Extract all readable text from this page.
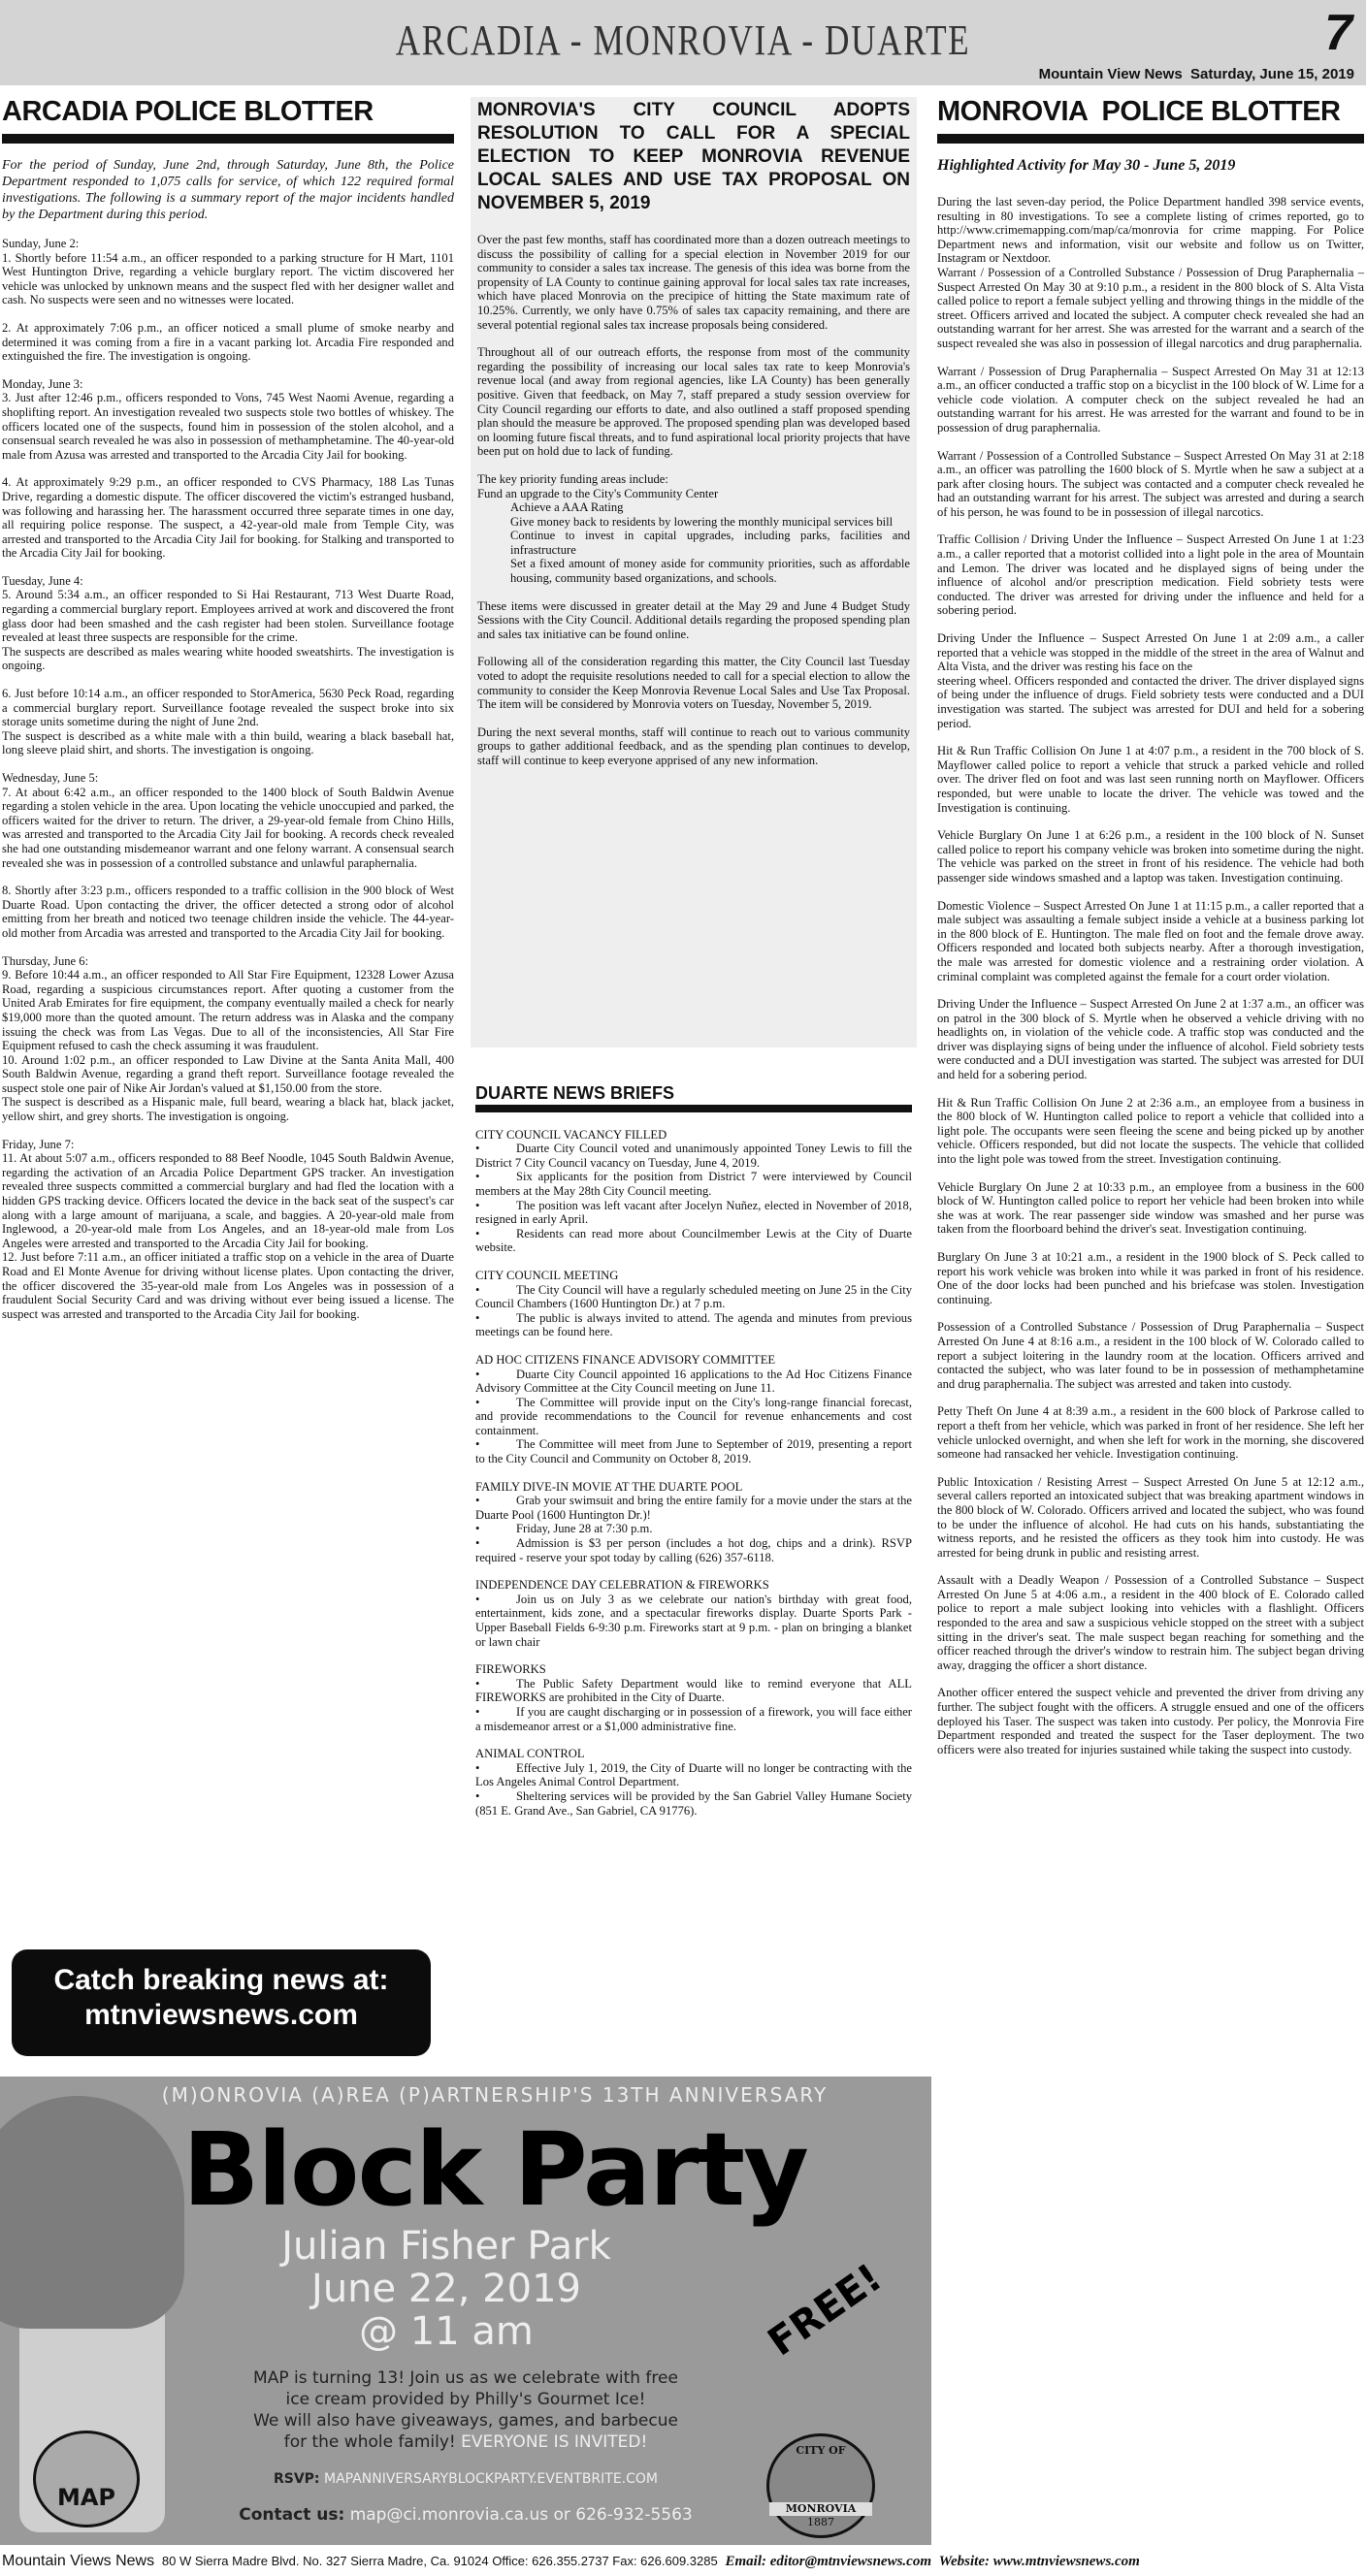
ARCADIA - MONROVIA - DUARTE	7
Mountain View News Saturday, June 15, 2019
ARCADIA POLICE BLOTTER

For the period of Sunday, June 2nd, through Saturday, June 8th, the Police Department responded to 1,075 calls for service, of which 122 required formal investigations. The following is a summary report of the major incidents handled by the Department during this period.

Sunday, June 2:
1. Shortly before 11:54 a.m., an officer responded to a parking structure for H Mart, 1101 West Huntington Drive, regarding a vehicle burglary report. The victim discovered her vehicle was unlocked by unknown means and the suspect fled with her designer wallet and cash. No suspects were seen and no witnesses were located.

2. At approximately 7:06 p.m., an officer noticed a small plume of smoke nearby and determined it was coming from a fire in a vacant parking lot. Arcadia Fire responded and extinguished the fire. The investigation is ongoing.

Monday, June 3:
3. Just after 12:46 p.m., officers responded to Vons, 745 West Naomi Avenue, regarding a shoplifting report. An investigation revealed two suspects stole two bottles of whiskey. The officers located one of the suspects, found him in possession of the stolen alcohol, and a consensual search revealed he was also in possession of methamphetamine. The 40-year-old male from Azusa was arrested and transported to the Arcadia City Jail for booking.

4. At approximately 9:29 p.m., an officer responded to CVS Pharmacy, 188 Las Tunas Drive, regarding a domestic dispute. The officer discovered the victim's estranged husband, was following and harassing her. The harassment occurred three separate times in one day, all requiring police response. The suspect, a 42-year-old male from Temple City, was arrested and transported to the Arcadia City Jail for booking. for Stalking and transported to the Arcadia City Jail for booking.

Tuesday, June 4:
5. Around 5:34 a.m., an officer responded to Si Hai Restaurant, 713 West Duarte Road, regarding a commercial burglary report. Employees arrived at work and discovered the front glass door had been smashed and the cash register had been stolen. Surveillance footage revealed at least three suspects are responsible for the crime.
The suspects are described as males wearing white hooded sweatshirts. The investigation is ongoing.

6. Just before 10:14 a.m., an officer responded to StorAmerica, 5630 Peck Road, regarding a commercial burglary report. Surveillance footage revealed the suspect broke into six storage units sometime during the night of June 2nd.
The suspect is described as a white male with a thin build, wearing a black baseball hat, long sleeve plaid shirt, and shorts. The investigation is ongoing.

Wednesday, June 5:
7. At about 6:42 a.m., an officer responded to the 1400 block of South Baldwin Avenue regarding a stolen vehicle in the area. Upon locating the vehicle unoccupied and parked, the officers waited for the driver to return. The driver, a 29-year-old female from Chino Hills, was arrested and transported to the Arcadia City Jail for booking. A records check revealed she had one outstanding misdemeanor warrant and one felony warrant. A consensual search revealed she was in possession of a controlled substance and unlawful paraphernalia.

8. Shortly after 3:23 p.m., officers responded to a traffic collision in the 900 block of West Duarte Road. Upon contacting the driver, the officer detected a strong odor of alcohol emitting from her breath and noticed two teenage children inside the vehicle. The 44-year-old mother from Arcadia was arrested and transported to the Arcadia City Jail for booking.

Thursday, June 6:
9. Before 10:44 a.m., an officer responded to All Star Fire Equipment, 12328 Lower Azusa Road, regarding a suspicious circumstances report. After quoting a customer from the United Arab Emirates for fire equipment, the company eventually mailed a check for nearly $19,000 more than the quoted amount. The return address was in Alaska and the company issuing the check was from Las Vegas. Due to all of the inconsistencies, All Star Fire Equipment refused to cash the check assuming it was fraudulent.
10. Around 1:02 p.m., an officer responded to Law Divine at the Santa Anita Mall, 400 South Baldwin Avenue, regarding a grand theft report. Surveillance footage revealed the suspect stole one pair of Nike Air Jordan's valued at $1,150.00 from the store.
The suspect is described as a Hispanic male, full beard, wearing a black hat, black jacket, yellow shirt, and grey shorts. The investigation is ongoing.

Friday, June 7:
11. At about 5:07 a.m., officers responded to 88 Beef Noodle, 1045 South Baldwin Avenue, regarding the activation of an Arcadia Police Department GPS tracker. An investigation revealed three suspects committed a commercial burglary and had fled the location with a hidden GPS tracking device. Officers located the device in the back seat of the suspect's car along with a large amount of marijuana, a scale, and baggies. A 20-year-old male from Inglewood, a 20-year-old male from Los Angeles, and an 18-year-old male from Los Angeles were arrested and transported to the Arcadia City Jail for booking.
12. Just before 7:11 a.m., an officer initiated a traffic stop on a vehicle in the area of Duarte Road and El Monte Avenue for driving without license plates. Upon contacting the driver, the officer discovered the 35-year-old male from Los Angeles was in possession of a fraudulent Social Security Card and was driving without ever being issued a license. The suspect was arrested and transported to the Arcadia City Jail for booking.

Catch breaking news at:
mtnviewsnews.com
MONROVIA'S CITY COUNCIL ADOPTS RESOLUTION TO CALL FOR A SPECIAL ELECTION TO KEEP MONROVIA REVENUE LOCAL SALES AND USE TAX PROPOSAL ON NOVEMBER 5, 2019

Over the past few months, staff has coordinated more than a dozen outreach meetings to discuss the possibility of calling for a special election in November 2019 for our community to consider a sales tax increase. The genesis of this idea was borne from the propensity of LA County to continue gaining approval for local sales tax rate increases, which have placed Monrovia on the precipice of hitting the State maximum rate of 10.25%. Currently, we only have 0.75% of sales tax capacity remaining, and there are several potential regional sales tax increase proposals being considered.

Throughout all of our outreach efforts, the response from most of the community regarding the possibility of increasing our local sales tax rate to keep Monrovia's revenue local (and away from regional agencies, like LA County) has been generally positive. Given that feedback, on May 7, staff prepared a study session overview for City Council regarding our efforts to date, and also outlined a staff proposed spending plan should the measure be approved. The proposed spending plan was developed based on looming future fiscal threats, and to fund aspirational local priority projects that have been put on hold due to lack of funding.

The key priority funding areas include:
Fund an upgrade to the City's Community Center
Achieve a AAA Rating
Give money back to residents by lowering the monthly municipal services bill
Continue to invest in capital upgrades, including parks, facilities and infrastructure
Set a fixed amount of money aside for community priorities, such as affordable housing, community based organizations, and schools.

These items were discussed in greater detail at the May 29 and June 4 Budget Study Sessions with the City Council. Additional details regarding the proposed spending plan and sales tax initiative can be found online.

Following all of the consideration regarding this matter, the City Council last Tuesday voted to adopt the requisite resolutions needed to call for a special election to allow the community to consider the Keep Monrovia Revenue Local Sales and Use Tax Proposal. The item will be considered by Monrovia voters on Tuesday, November 5, 2019.

During the next several months, staff will continue to reach out to various community groups to gather additional feedback, and as the spending plan continues to develop, staff will continue to keep everyone apprised of any new information.

DUARTE NEWS BRIEFS
CITY COUNCIL VACANCY FILLED
•	Duarte City Council voted and unanimously appointed Toney Lewis to fill the District 7 City Council vacancy on Tuesday, June 4, 2019.
•	Six applicants for the position from District 7 were interviewed by Council members at the May 28th City Council meeting.
•	The position was left vacant after Jocelyn Nuñez, elected in November of 2018, resigned in early April.
•	Residents can read more about Councilmember Lewis at the City of Duarte website.
CITY COUNCIL MEETING
•	The City Council will have a regularly scheduled meeting on June 25 in the City Council Chambers (1600 Huntington Dr.) at 7 p.m.
•	The public is always invited to attend. The agenda and minutes from previous meetings can be found here.
AD HOC CITIZENS FINANCE ADVISORY COMMITTEE
•	Duarte City Council appointed 16 applications to the Ad Hoc Citizens Finance Advisory Committee at the City Council meeting on June 11.
•	The Committee will provide input on the City's long-range financial forecast, and provide recommendations to the Council for revenue enhancements and cost containment.
•	The Committee will meet from June to September of 2019, presenting a report to the City Council and Community on October 8, 2019.
FAMILY DIVE-IN MOVIE AT THE DUARTE POOL
•	Grab your swimsuit and bring the entire family for a movie under the stars at the Duarte Pool (1600 Huntington Dr.)!
•	Friday, June 28 at 7:30 p.m.
•	Admission is $3 per person (includes a hot dog, chips and a drink). RSVP required - reserve your spot today by calling (626) 357-6118.
INDEPENDENCE DAY CELEBRATION & FIREWORKS
•	Join us on July 3 as we celebrate our nation's birthday with great food, entertainment, kids zone, and a spectacular fireworks display. Duarte Sports Park - Upper Baseball Fields 6-9:30 p.m. Fireworks start at 9 p.m. - plan on bringing a blanket or lawn chair
FIREWORKS
•	The Public Safety Department would like to remind everyone that ALL FIREWORKS are prohibited in the City of Duarte.
•	If you are caught discharging or in possession of a firework, you will face either a misdemeanor arrest or a $1,000 administrative fine.
ANIMAL CONTROL
•	Effective July 1, 2019, the City of Duarte will no longer be contracting with the Los Angeles Animal Control Department.
•	Sheltering services will be provided by the San Gabriel Valley Humane Society (851 E. Grand Ave., San Gabriel, CA 91776).
MONROVIA  POLICE BLOTTER

Highlighted Activity for May 30 - June 5, 2019

During the last seven-day period, the Police Department handled 398 service events, resulting in 80 investigations. To see a complete listing of crimes reported, go to http://www.crimemapping.com/map/ca/monrovia for crime mapping. For Police Department news and information, visit our website and follow us on Twitter, Instagram or Nextdoor.
Warrant / Possession of a Controlled Substance / Possession of Drug Paraphernalia – Suspect Arrested On May 30 at 9:10 p.m., a resident in the 800 block of S. Alta Vista called police to report a female subject yelling and throwing things in the middle of the street. Officers arrived and located the subject. A computer check revealed she had an outstanding warrant for her arrest. She was arrested for the warrant and a search of the suspect revealed she was also in possession of illegal narcotics and drug paraphernalia.

Warrant / Possession of Drug Paraphernalia – Suspect Arrested On May 31 at 12:13 a.m., an officer conducted a traffic stop on a bicyclist in the 100 block of W. Lime for a vehicle code violation. A computer check on the subject revealed he had an outstanding warrant for his arrest. He was arrested for the warrant and found to be in possession of drug paraphernalia.

Warrant / Possession of a Controlled Substance – Suspect Arrested On May 31 at 2:18 a.m., an officer was patrolling the 1600 block of S. Myrtle when he saw a subject at a park after closing hours. The subject was contacted and a computer check revealed he had an outstanding warrant for his arrest. The subject was arrested and during a search of his person, he was found to be in possession of illegal narcotics.

Traffic Collision / Driving Under the Influence – Suspect Arrested On June 1 at 1:23 a.m., a caller reported that a motorist collided into a light pole in the area of Mountain and Lemon. The driver was located and he displayed signs of being under the influence of alcohol and/or prescription medication. Field sobriety tests were conducted. The driver was arrested for driving under the influence and held for a sobering period.

Driving Under the Influence – Suspect Arrested On June 1 at 2:09 a.m., a caller reported that a vehicle was stopped in the middle of the street in the area of Walnut and Alta Vista, and the driver was resting his face on the
steering wheel. Officers responded and contacted the driver. The driver displayed signs of being under the influence of drugs. Field sobriety tests were conducted and a DUI investigation was started. The subject was arrested for DUI and held for a sobering period.

Hit & Run Traffic Collision On June 1 at 4:07 p.m., a resident in the 700 block of S. Mayflower called police to report a vehicle that struck a parked vehicle and rolled over. The driver fled on foot and was last seen running north on Mayflower. Officers responded, but were unable to locate the driver. The vehicle was towed and the Investigation is continuing.

Vehicle Burglary On June 1 at 6:26 p.m., a resident in the 100 block of N. Sunset called police to report his company vehicle was broken into sometime during the night. The vehicle was parked on the street in front of his residence. The vehicle had both passenger side windows smashed and a laptop was taken. Investigation continuing.

Domestic Violence – Suspect Arrested On June 1 at 11:15 p.m., a caller reported that a male subject was assaulting a female subject inside a vehicle at a business parking lot in the 800 block of E. Huntington. The male fled on foot and the female drove away. Officers responded and located both subjects nearby. After a thorough investigation, the male was arrested for domestic violence and a restraining order violation. A criminal complaint was completed against the female for a court order violation.

Driving Under the Influence – Suspect Arrested On June 2 at 1:37 a.m., an officer was on patrol in the 300 block of S. Myrtle when he observed a vehicle driving with no headlights on, in violation of the vehicle code. A traffic stop was conducted and the driver was displaying signs of being under the influence of alcohol. Field sobriety tests were conducted and a DUI investigation was started. The subject was arrested for DUI and held for a sobering period.

Hit & Run Traffic Collision On June 2 at 2:36 a.m., an employee from a business in the 800 block of W. Huntington called police to report a vehicle that collided into a light pole. The occupants were seen fleeing the scene and being picked up by another vehicle. Officers responded, but did not locate the suspects. The vehicle that collided into the light pole was towed from the street. Investigation continuing.

Vehicle Burglary On June 2 at 10:33 p.m., an employee from a business in the 600 block of W. Huntington called police to report her vehicle had been broken into while she was at work. The rear passenger side window was smashed and her purse was taken from the floorboard behind the driver's seat. Investigation continuing.

Burglary On June 3 at 10:21 a.m., a resident in the 1900 block of S. Peck called to report his work vehicle was broken into while it was parked in front of his residence. One of the door locks had been punched and his briefcase was stolen. Investigation continuing.

Possession of a Controlled Substance / Possession of Drug Paraphernalia – Suspect Arrested On June 4 at 8:16 a.m., a resident in the 100 block of W. Colorado called to report a subject loitering in the laundry room at the location. Officers arrived and contacted the subject, who was later found to be in possession of methamphetamine and drug paraphernalia. The subject was arrested and taken into custody.

Petty Theft On June 4 at 8:39 a.m., a resident in the 600 block of Parkrose called to report a theft from her vehicle, which was parked in front of her residence. She left her vehicle unlocked overnight, and when she left for work in the morning, she discovered someone had ransacked her vehicle. Investigation continuing.

Public Intoxication / Resisting Arrest – Suspect Arrested On June 5 at 12:12 a.m., several callers reported an intoxicated subject that was breaking apartment windows in the 800 block of W. Colorado. Officers arrived and located the subject, who was found to be under the influence of alcohol. He had cuts on his hands, substantiating the witness reports, and he resisted the officers as they took him into custody. He was arrested for being drunk in public and resisting arrest.

Assault with a Deadly Weapon / Possession of a Controlled Substance – Suspect Arrested On June 5 at 4:06 a.m., a resident in the 400 block of E. Colorado called police to report a male subject looking into vehicles with a flashlight. Officers responded to the area and saw a suspicious vehicle stopped on the street with a subject sitting in the driver's seat. The male suspect began reaching for something and the officer reached through the driver's window to restrain him. The subject began driving away, dragging the officer a short distance.

Another officer entered the suspect vehicle and prevented the driver from driving any further. The subject fought with the officers. A struggle ensued and one of the officers deployed his Taser. The suspect was taken into custody. Per policy, the Monrovia Fire Department responded and treated the suspect for the Taser deployment. The two officers were also treated for injuries sustained while taking the suspect into custody.

(M)ONROVIA (A)REA (P)ARTNERSHIP'S 13TH ANNIVERSARY
Block Party
Julian Fisher Park
June 22, 2019
@ 11 am	FREE!
MAP is turning 13! Join us as we celebrate with free
ice cream provided by Philly's Gourmet Ice!
We will also have giveaways, games, and barbecue
for the whole family! EVERYONE IS INVITED!
RSVP: MAPANNIVERSARYBLOCKPARTY.EVENTBRITE.COM
Contact us: map@ci.monrovia.ca.us or 626-932-5563
MAP
CITY OF
MONROVIA
1887
Mountain Views News 80 W Sierra Madre Blvd. No. 327 Sierra Madre, Ca. 91024 Office: 626.355.2737 Fax: 626.609.3285 Email: editor@mtnviewsnews.com Website: www.mtnviewsnews.com
